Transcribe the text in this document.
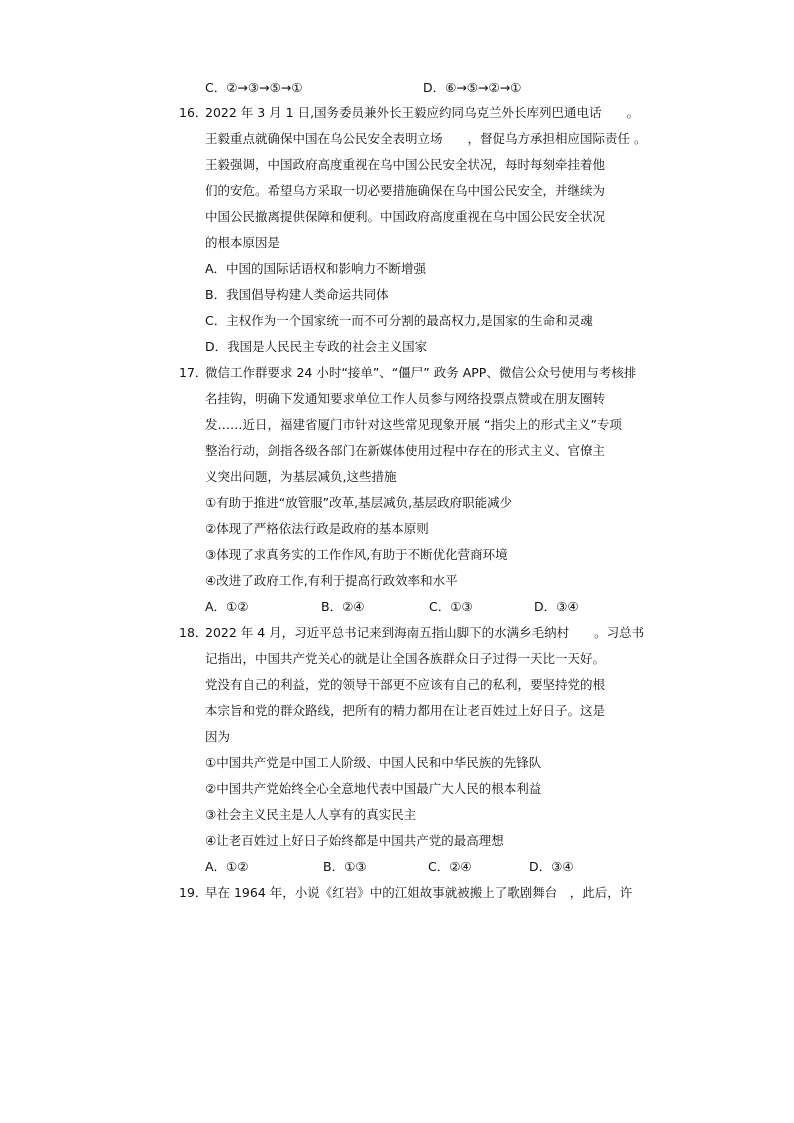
C．②→③→⑤→①	D．⑥→⑤→②→①
16．
2022 年 3 月 1 日,国务委员兼外长王毅应约同乌克兰外长库列巴通电话　　。
王毅重点就确保中国在乌公民安全表明立场　　，督促乌方承担相应国际责任 。
王毅强调，中国政府高度重视在乌中国公民安全状况，每时每刻牵挂着他
们的安危。希望乌方采取一切必要措施确保在乌中国公民安全，并继续为
中国公民撤离提供保障和便利。中国政府高度重视在乌中国公民安全状况
的根本原因是
A．中国的国际话语权和影响力不断增强
B．我国倡导构建人类命运共同体
C．主权作为一个国家统一而不可分割的最高权力,是国家的生命和灵魂
D．我国是人民民主专政的社会主义国家
17．
微信工作群要求 24 小时“接单”、“僵尸” 政务 APP、微信公众号使用与考核排
名挂钩，明确下发通知要求单位工作人员参与网络投票点赞或在朋友圈转
发……近日，福建省厦门市针对这些常见现象开展 “指尖上的形式主义”专项
整治行动，剑指各级各部门在新媒体使用过程中存在的形式主义、官僚主
义突出问题，为基层减负,这些措施
①有助于推进“放管服”改革,基层减负,基层政府职能减少
②体现了严格依法行政是政府的基本原则
③体现了求真务实的工作作风,有助于不断优化营商环境
④改进了政府工作,有利于提高行政效率和水平
A．①②	B．②④	C．①③	D．③④
18．
2022 年 4 月，习近平总书记来到海南五指山脚下的水满乡毛纳村　　。习总书
记指出，中国共产党关心的就是让全国各族群众日子过得一天比一天好。
党没有自己的利益，党的领导干部更不应该有自己的私利，要坚持党的根
本宗旨和党的群众路线，把所有的精力都用在让老百姓过上好日子。这是
因为
①中国共产党是中国工人阶级、中国人民和中华民族的先锋队
②中国共产党始终全心全意地代表中国最广大人民的根本利益
③社会主义民主是人人享有的真实民主
④让老百姓过上好日子始终都是中国共产党的最高理想
A．①②	B．①③	C．②④	D．③④
19．
早在 1964 年，小说《红岩》中的江姐故事就被搬上了歌剧舞台　，此后，许
